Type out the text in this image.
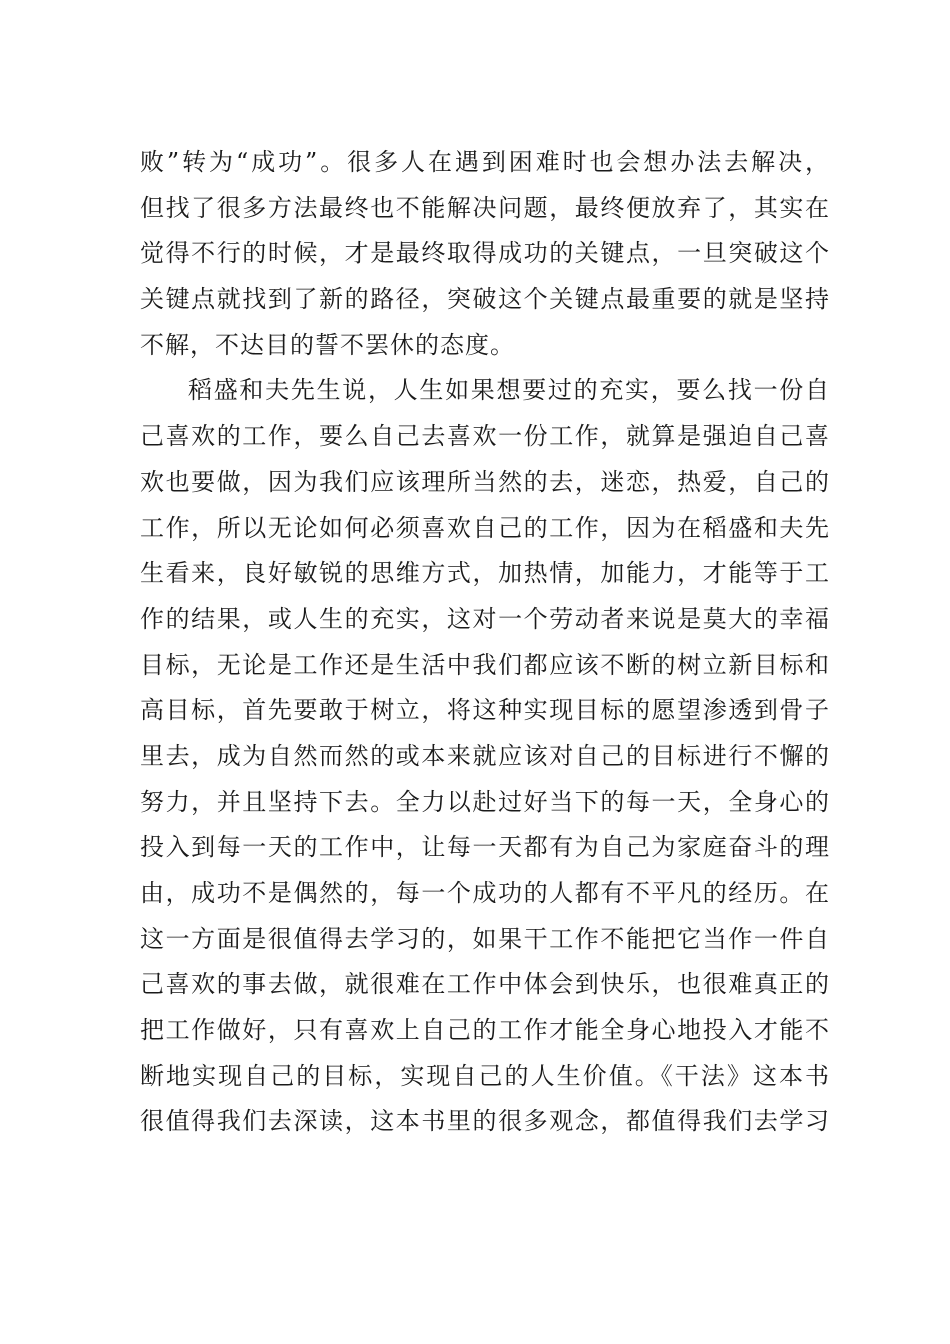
败”转为“成功”。很多人在遇到困难时也会想办法去解决，
但找了很多方法最终也不能解决问题，最终便放弃了，其实在
觉得不行的时候，才是最终取得成功的关键点，一旦突破这个
关键点就找到了新的路径，突破这个关键点最重要的就是坚持
不解，不达目的誓不罢休的态度。
稻盛和夫先生说，人生如果想要过的充实，要么找一份自
己喜欢的工作，要么自己去喜欢一份工作，就算是强迫自己喜
欢也要做，因为我们应该理所当然的去，迷恋，热爱，自己的
工作，所以无论如何必须喜欢自己的工作，因为在稻盛和夫先
生看来，良好敏锐的思维方式，加热情，加能力，才能等于工
作的结果，或人生的充实，这对一个劳动者来说是莫大的幸福
目标，无论是工作还是生活中我们都应该不断的树立新目标和
高目标，首先要敢于树立，将这种实现目标的愿望渗透到骨子
里去，成为自然而然的或本来就应该对自己的目标进行不懈的
努力，并且坚持下去。全力以赴过好当下的每一天，全身心的
投入到每一天的工作中，让每一天都有为自己为家庭奋斗的理
由，成功不是偶然的，每一个成功的人都有不平凡的经历。在
这一方面是很值得去学习的，如果干工作不能把它当作一件自
己喜欢的事去做，就很难在工作中体会到快乐，也很难真正的
把工作做好，只有喜欢上自己的工作才能全身心地投入才能不
断地实现自己的目标，实现自己的人生价值。《干法》这本书
很值得我们去深读，这本书里的很多观念，都值得我们去学习
